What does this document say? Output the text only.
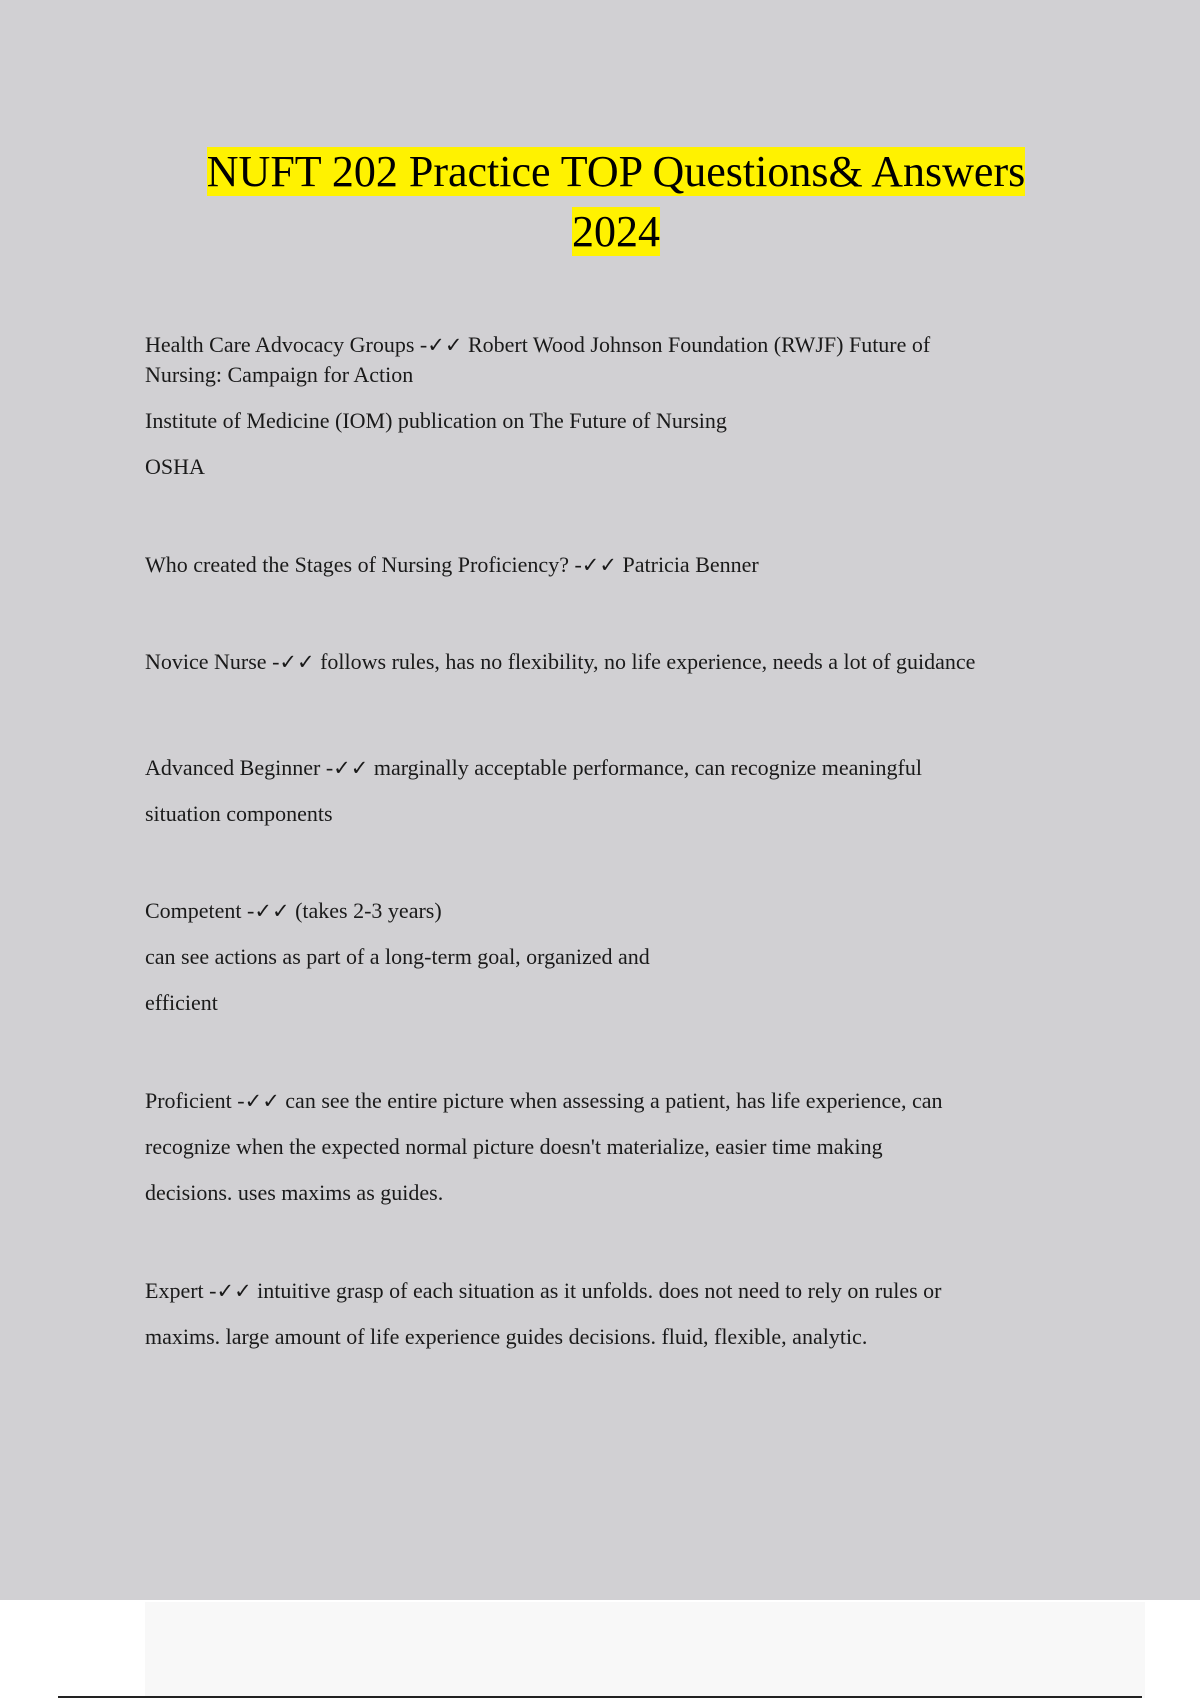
NUFT 202 Practice TOP Questions& Answers
2024
Health Care Advocacy Groups -✓✓ Robert Wood Johnson Foundation (RWJF) Future of
Nursing: Campaign for Action
Institute of Medicine (IOM) publication on The Future of Nursing
OSHA
Who created the Stages of Nursing Proficiency? -✓✓ Patricia Benner
Novice Nurse -✓✓ follows rules, has no flexibility, no life experience, needs a lot of guidance
Advanced Beginner -✓✓ marginally acceptable performance, can recognize meaningful
situation components
Competent -✓✓ (takes 2-3 years)
can see actions as part of a long-term goal, organized and
efficient
Proficient -✓✓ can see the entire picture when assessing a patient, has life experience, can
recognize when the expected normal picture doesn't materialize, easier time making
decisions. uses maxims as guides.
Expert -✓✓ intuitive grasp of each situation as it unfolds. does not need to rely on rules or
maxims. large amount of life experience guides decisions. fluid, flexible, analytic.
